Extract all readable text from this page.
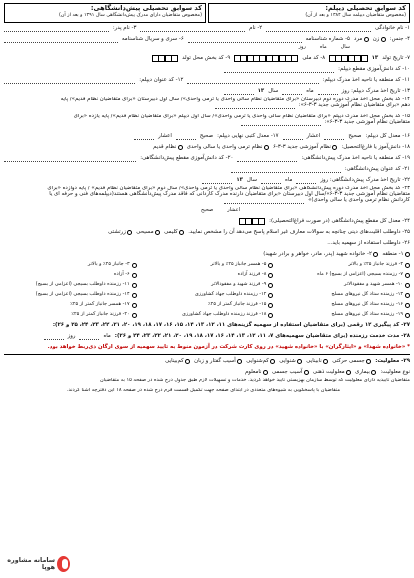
کد سوابق تحصیلی دیپلم:
(مخصوص متقاضیان دیپلمه سال ۱۳۸۴ و بعد از آن)
کد سوابق تحصیلی پیش‌دانشگاهی:
(مخصوص متقاضیان دارای مدرک پیش‌دانشگاهی سال ۱۳۹۱ و بعد از آن)
۱- نام خانوادگی
۲- نام
۳- نام پدر:
۴- جنس:
زن
مرد
۵- شماره شناسنامه
۶- سری و سریال شناسنامه
سال
ماه
روز
۷- تاریخ تولد
۱۳
۸- کد ملی
۹- کد بخش محل تولد
۱۰- کد دانش‌آموزی مقطع دیپلم:
۱۱- کد منطقه یا ناحیه اخذ مدرک دیپلم:
۱۲- کد عنوان دیپلم:
۱۳- تاریخ اخذ مدرک دیپلم: روز
ماه
سال
۱۳
۱۴- کد بخش محل اخذ مدرک دوره دوم دبیرستان «برای متقاضیان نظام سالی واحدی یا ترمی واحدی»/ سال اول دبیرستان «برای متقاضیان نظام قدیم»/ پایه
دهم «برای متقاضیان نظام آموزشی جدید ۳-۳-۶»:
۱۵- کد بخش محل اخذ مدرک دیپلم «برای متقاضیان نظام سالی واحدی یا ترمی واحدی»/ سال اول دیپلم «برای متقاضیان نظام قدیم»/ پایه یازده «برای
متقاضیان نظام آموزشی جدید ۳-۳-۶»:
۱۶- معدل کل دیپلم:
صحیح
اعشار
۱۷- معدل کتبی نهایی دیپلم:
صحیح
اعشار
۱۸- دانش‌آموز یا فارغ‌التحصیل:
نظام آموزشی جدید ۳-۳-۶
نظام ترمی واحدی یا سالی واحدی
نظام قدیم
۱۹- کد منطقه یا ناحیه اخذ مدرک پیش‌دانشگاهی:
۲۰- کد دانش‌آموزی مقطع پیش‌دانشگاهی:
۲۱- کد عنوان پیش‌دانشگاهی:
۲۲- تاریخ اخذ مدرک پیش‌دانشگاهی: روز
ماه
سال
۱۳
۲۳- کد بخش محل اخذ مدرک دوره پیش‌دانشگاهی «برای متقاضیان نظام سالی واحدی یا ترمی واحدی»/ سال دوم «برای متقاضیان نظام قدیم» / پایه دوازده «برای
متقاضیان نظام آموزشی جدید ۳-۳-۶»/سال اول دبیرستان «برای متقاضیان دارنده مدرک کاردانی که فاقد مدرک پیش‌دانشگاهی هستند(دیپلمه‌های فنی و حرفه ای یا
کاردانش نظام ترمی واحدی یا سالی واحدی)»
اعشار
صحیح
۲۴- معدل کل مقطع پیش‌دانشگاهی (در صورت فراغ‌التحصیلی):
۲۵- داوطلب اقلیت‌های دینی چنانچه به سوالات معارف غیر اسلام پاسخ می‌دهد آن را مشخص نمایید.
کلیمی
مسیحی
زرتشتی
۲۶- داوطلب استفاده از سهمیه باید...
۱- منطقه
۲- خانواده شهید (پدر، مادر، خواهر و برادر شهید)
۴- فرزند جانباز ۲۵٪ و بالاتر
۵- همسر جانباز ۲۵٪ و بالاتر
۳- جانباز ۲۵٪ و بالاتر
۷- رزمنده بسیجی (اعزامی از بسیج) ۶ ماه
۸- فرزند آزاده
۶- آزاده
۱۰- همسر شهید و مفقودالاثر
۹- فرزند شهید و مفقودالاثر
۱۱- رزمنده داوطلب بسیجی (اعزامی از بسیج)
۱۳- رزمنده ستاد کل نیروهای مسلح
۱۲- رزمنده داوطلب جهاد کشاورزی
۱۴- رزمنده داوطلب بسیجی (اعزامی از بسیج)
۱۶- رزمنده ستاد کل نیروهای مسلح
۱۵- فرزند جانباز کمتر از ۲۵٪
۱۷- همسر جانباز کمتر از ۲۵٪
۱۹- رزمنده ستاد کل نیروهای مسلح
۱۸- فرزند رزمنده داوطلب جهاد کشاورزی
۲۰- فرزند جانباز کمتر از ۲۵٪
۲۷- کد پیگیری ۱۲ رقمی (برای متقاضیان استفاده از سهمیه گزینه‌های ۱۱، ۱۲، ۱۳، ۱۴، ۱۵، ۱۶، ۱۷، ۱۸، ۱۹، ۲۰، ۲۱، ۲۲، ۲۳، ۲۴، ۲۵ و ۲۶):
۲۸- مدت خدمت رزمنده (برای متقاضیان سهمیه‌های ۷، ۱۱، ۱۲، ۱۳، ۱۴، ۱۶، ۱۷، ۱۸، ۱۹، ۲۰، ۲۱، ۲۲، ۲۳، ۲۴ و ۲۶):
ماه
روز
* «خانواده شهدا» و «ایثارگران» با «خانواده شهید» در روی کارت شرکت در آزمون منوط به تایید سهمیه از سوی ارگان ذی‌ربط خواهد بود.
۲۹- معلولیت:
جسمی حرکتی
نابینایی
شنوایی
کم‌شنوایی
آسیب گفتار و زبان
کم‌بینایی
نوع معلولیت:
بیماری
معلولیت ذهنی
آسیب جسمی
نامعلوم
متقاضیان تأییدیه دارای معلولیت که توسط سازمان بهزیستی تایید خواهد گردید. خدمات و تسهیلات لازم طبق جدول درج شده در صفحه ۱۵ به متقاضیان
متقاضیان با پاسخگویی به شیوه‌های متعددی در ابتدای صفحه جهت تکمیل قسمت فرم درج شده در صفحه ۱۸ این دفترچه آشنا گردند.
سامانه مشاوره هوپا
